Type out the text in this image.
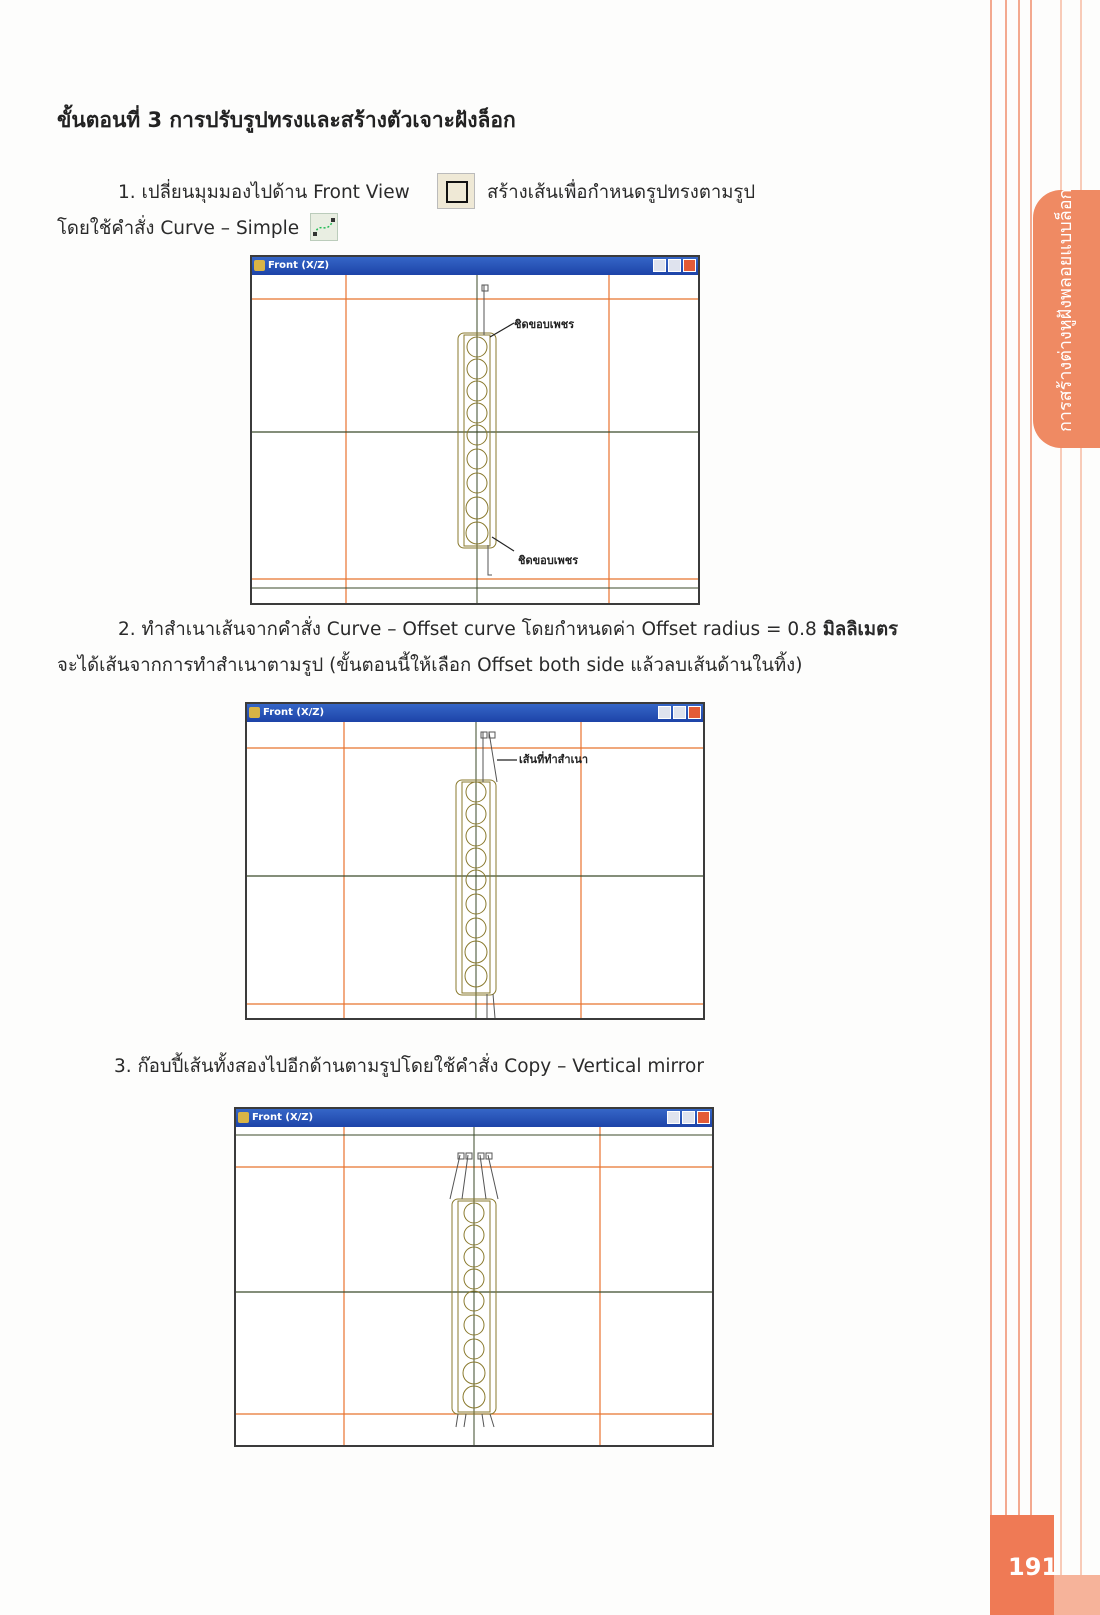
การสร้างต่างหูฝังพลอยแบบล็อก
191
ขั้นตอนที่ 3 การปรับรูปทรงและสร้างตัวเจาะฝังล็อก
1. เปลี่ยนมุมมองไปด้าน Front View	สร้างเส้นเพื่อกำหนดรูปทรงตามรูป
โดยใช้คำสั่ง Curve – Simple
Front (X/Z)
ชิดขอบเพชร
ชิดขอบเพชร
2. ทำสำเนาเส้นจากคำสั่ง Curve – Offset curve โดยกำหนดค่า Offset radius = 0.8 มิลลิเมตร
จะได้เส้นจากการทำสำเนาตามรูป (ขั้นตอนนี้ให้เลือก Offset both side แล้วลบเส้นด้านในทิ้ง)
Front (X/Z)
เส้นที่ทำสำเนา
3. ก๊อบปี้เส้นทั้งสองไปอีกด้านตามรูปโดยใช้คำสั่ง Copy – Vertical mirror
Front (X/Z)
